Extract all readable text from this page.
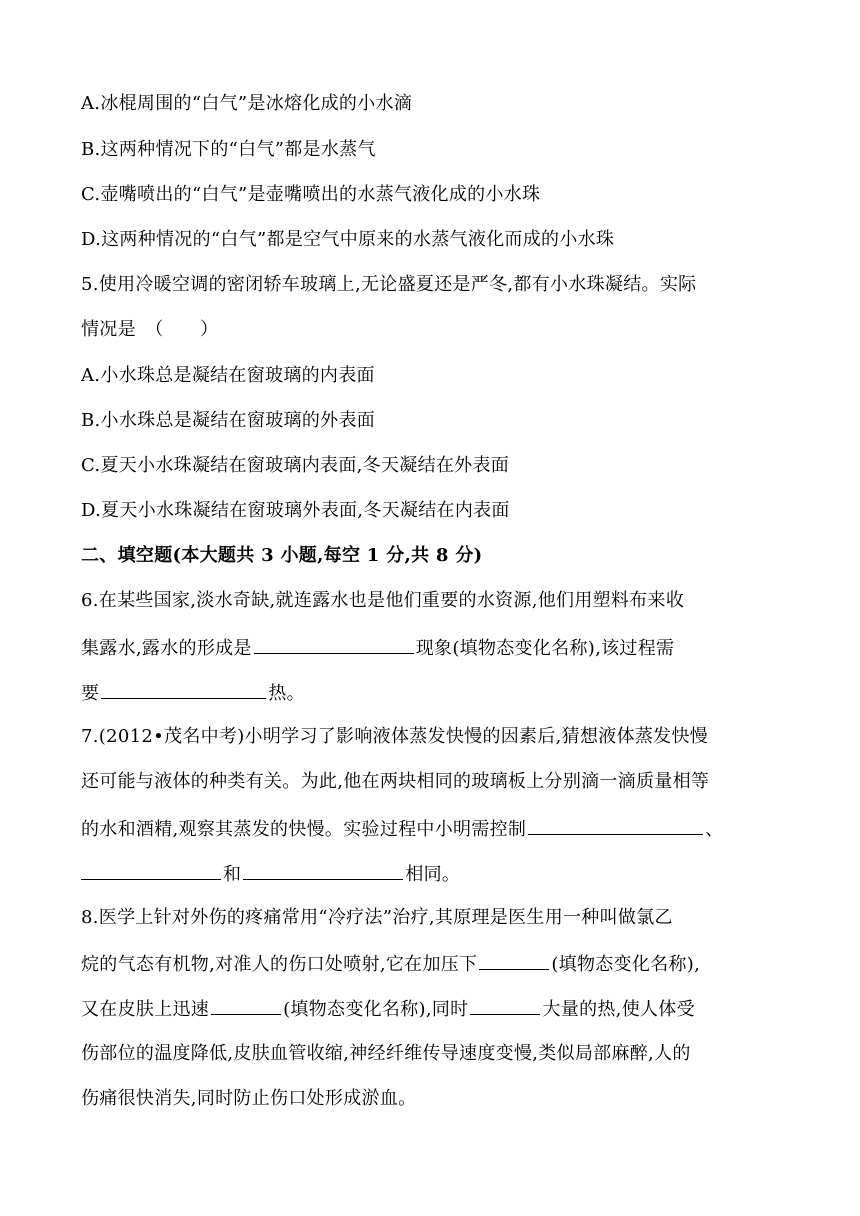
A.冰棍周围的“白气”是冰熔化成的小水滴
B.这两种情况下的“白气”都是水蒸气
C.壶嘴喷出的“白气”是壶嘴喷出的水蒸气液化成的小水珠
D.这两种情况的“白气”都是空气中原来的水蒸气液化而成的小水珠
5.使用冷暖空调的密闭轿车玻璃上,无论盛夏还是严冬,都有小水珠凝结。实际
情况是　（　　）
A.小水珠总是凝结在窗玻璃的内表面
B.小水珠总是凝结在窗玻璃的外表面
C.夏天小水珠凝结在窗玻璃内表面,冬天凝结在外表面
D.夏天小水珠凝结在窗玻璃外表面,冬天凝结在内表面
二、填空题(本大题共 3 小题,每空 1 分,共 8 分)
6.在某些国家,淡水奇缺,就连露水也是他们重要的水资源,他们用塑料布来收
集露水,露水的形成是	现象(填物态变化名称),该过程需
要	热。
7.(2012•茂名中考)小明学习了影响液体蒸发快慢的因素后,猜想液体蒸发快慢
还可能与液体的种类有关。为此,他在两块相同的玻璃板上分别滴一滴质量相等
的水和酒精,观察其蒸发的快慢。实验过程中小明需控制	、
和	相同。
8.医学上针对外伤的疼痛常用“冷疗法”治疗,其原理是医生用一种叫做氯乙
烷的气态有机物,对准人的伤口处喷射,它在加压下	(填物态变化名称),
又在皮肤上迅速	(填物态变化名称),同时	大量的热,使人体受
伤部位的温度降低,皮肤血管收缩,神经纤维传导速度变慢,类似局部麻醉,人的
伤痛很快消失,同时防止伤口处形成淤血。
